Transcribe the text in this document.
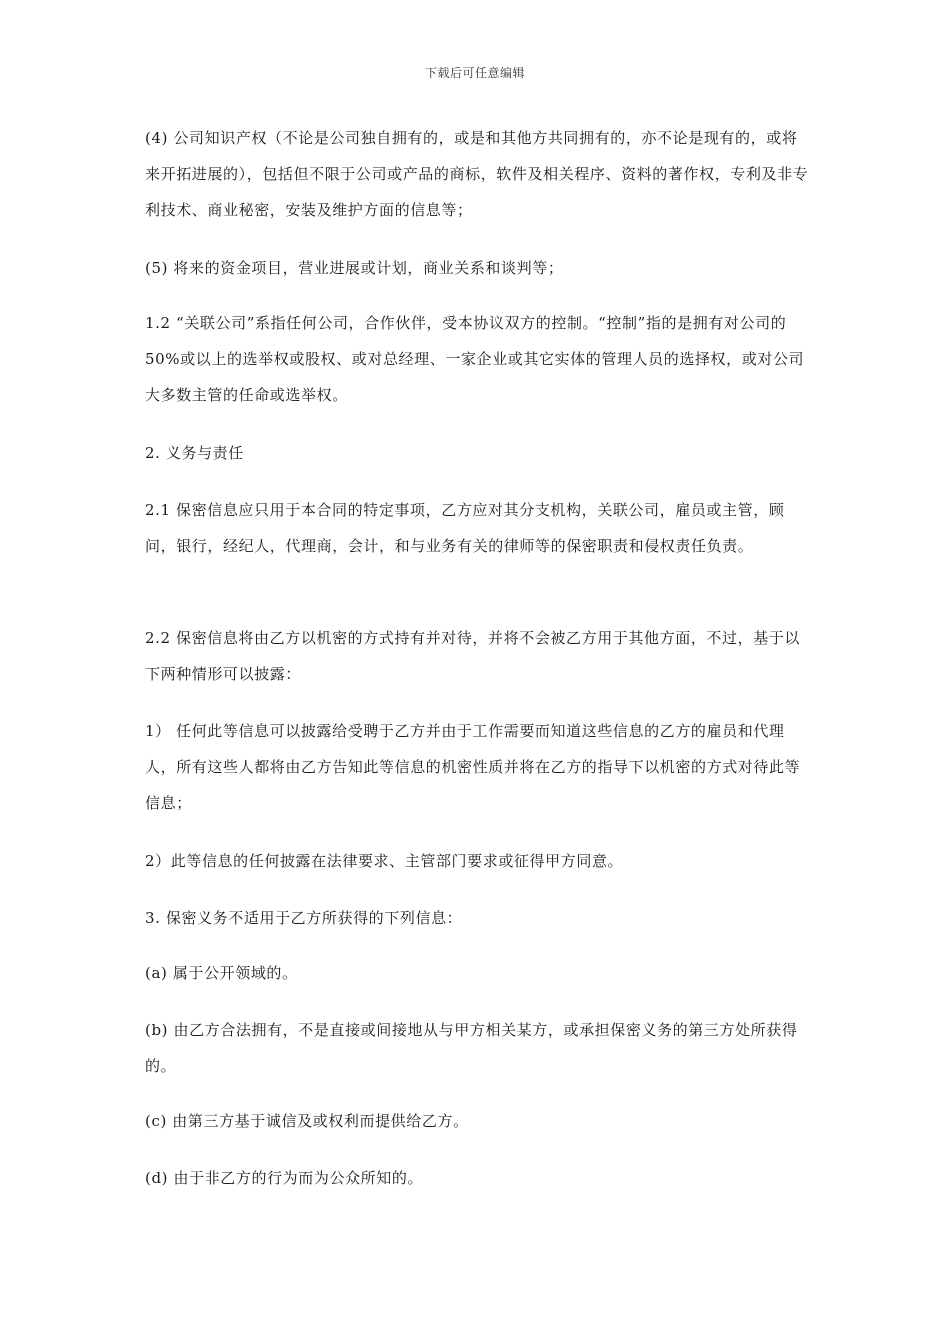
下载后可任意编辑

(4) 公司知识产权（不论是公司独自拥有的，或是和其他方共同拥有的，亦不论是现有的，或将来开拓进展的），包括但不限于公司或产品的商标，软件及相关程序、资料的著作权，专利及非专利技术、商业秘密，安装及维护方面的信息等；

(5) 将来的资金项目，营业进展或计划，商业关系和谈判等；

1.2 “关联公司”系指任何公司，合作伙伴，受本协议双方的控制。“控制”指的是拥有对公司的50%或以上的选举权或股权、或对总经理、一家企业或其它实体的管理人员的选择权，或对公司大多数主管的任命或选举权。

2. 义务与责任

2.1 保密信息应只用于本合同的特定事项，乙方应对其分支机构，关联公司，雇员或主管，顾问，银行，经纪人，代理商，会计，和与业务有关的律师等的保密职责和侵权责任负责。

2.2 保密信息将由乙方以机密的方式持有并对待，并将不会被乙方用于其他方面，不过，基于以下两种情形可以披露：

1） 任何此等信息可以披露给受聘于乙方并由于工作需要而知道这些信息的乙方的雇员和代理人，所有这些人都将由乙方告知此等信息的机密性质并将在乙方的指导下以机密的方式对待此等信息；

2）此等信息的任何披露在法律要求、主管部门要求或征得甲方同意。

3. 保密义务不适用于乙方所获得的下列信息：

(a) 属于公开领域的。

(b) 由乙方合法拥有，不是直接或间接地从与甲方相关某方，或承担保密义务的第三方处所获得的。

(c) 由第三方基于诚信及或权利而提供给乙方。

(d) 由于非乙方的行为而为公众所知的。
